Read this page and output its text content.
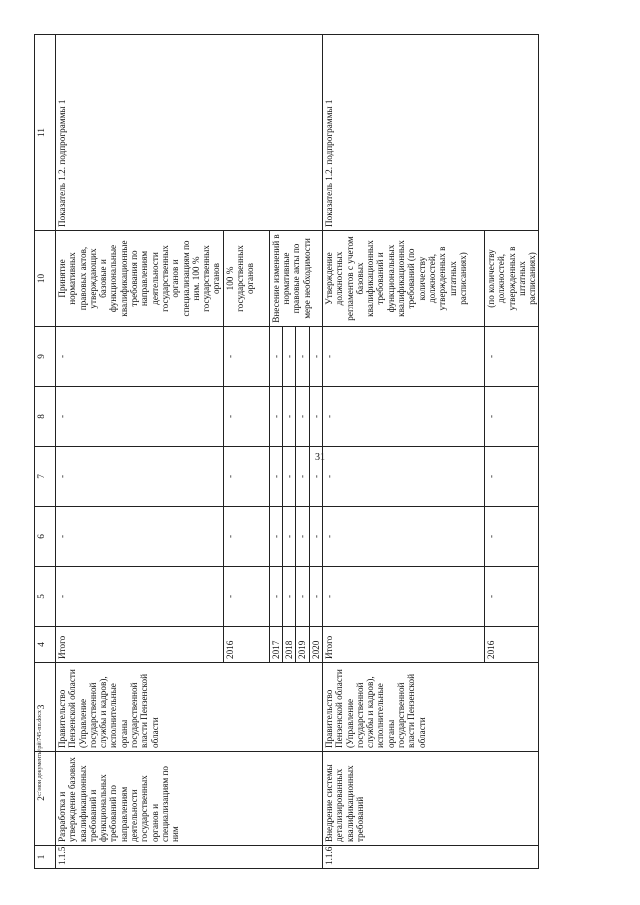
31
c:\мои документы\рй\745-пп.docx
1	2	3	4	5	6	7	8	9	10	11
1.1.5.	Разработка и утверждение базовых квалификационных требований и функциональных требований по направлениям деятельности государственных органов и специализациям по ним	Правительство Пензенской области (Управление государственной службы и кадров), исполнительные органы государственной власти Пензенской области	Итого	-	-	-	-	-	Принятие нормативных правовых актов, утверждающих базовые и функциональные квалификационные требования по направлениям деятельности государственных органов и специализациям по ним. 100 % государственных органов	Показатель 1.2. подпрограммы 1
			2016	-	-	-	-	-	100 % государственных органов	
			2017	-	-	-	-	-	Внесение изменений в нормативные правовые акты по мере необходимости	
			2018	-	-	-	-	-		
			2019	-	-	-	-	-		
			2020	-	-	-	-	-		
1.1.6.	Внедрение системы детализированных квалификационных требований	Правительство Пензенской области (Управление государственной службы и кадров), исполнительные органы государственной власти Пензенской области	Итого	-	-	-	-	-	Утверждение должностных регламентов с учетом базовых квалификационных требований и функциональных квалификационных требований (по количеству должностей, утвержденных в штатных расписаниях)	Показатель 1.2. подпрограммы 1
			2016	-	-	-	-	-	(по количеству должностей, утвержденных в штатных расписаниях)	
